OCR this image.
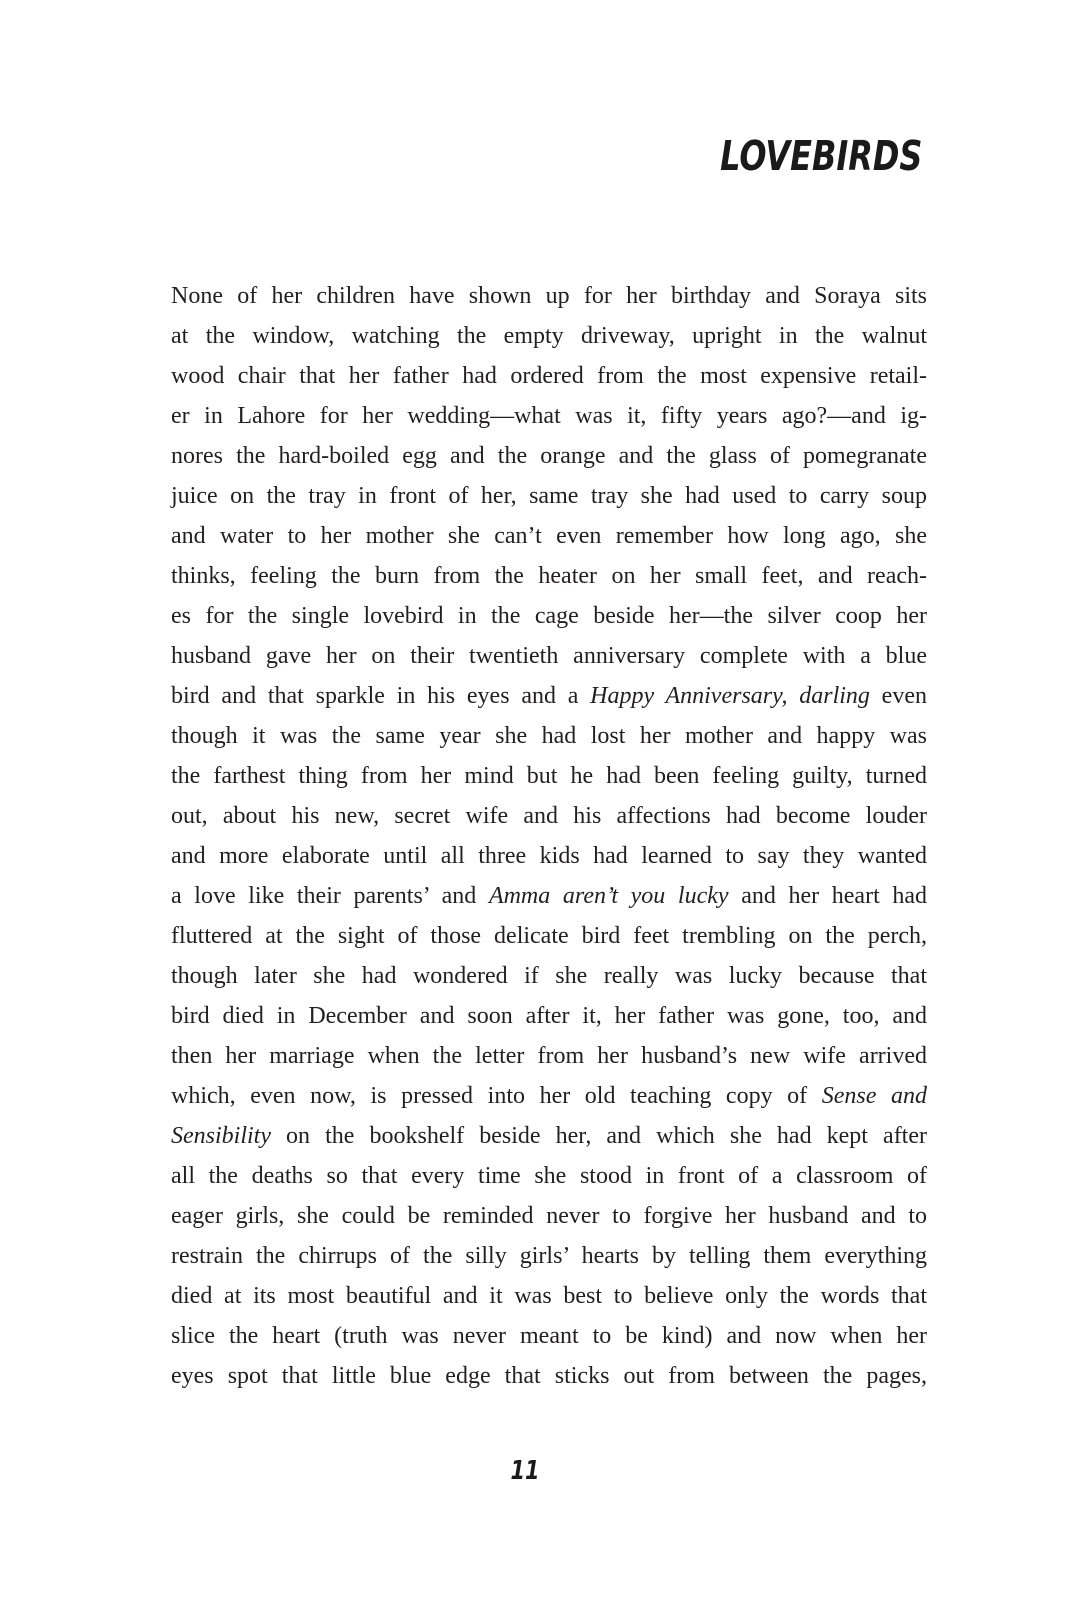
LOVEBIRDS
None of her children have shown up for her birthday and Soraya sits
at the window, watching the empty driveway, upright in the walnut
wood chair that her father had ordered from the most expensive retail-
er in Lahore for her wedding—what was it, fifty years ago?—and ig-
nores the hard-boiled egg and the orange and the glass of pomegranate
juice on the tray in front of her, same tray she had used to carry soup
and water to her mother she can’t even remember how long ago, she
thinks, feeling the burn from the heater on her small feet, and reach-
es for the single lovebird in the cage beside her—the silver coop her
husband gave her on their twentieth anniversary complete with a blue
bird and that sparkle in his eyes and a Happy Anniversary, darling even
though it was the same year she had lost her mother and happy was
the farthest thing from her mind but he had been feeling guilty, turned
out, about his new, secret wife and his affections had become louder
and more elaborate until all three kids had learned to say they wanted
a love like their parents’ and Amma aren’t you lucky and her heart had
fluttered at the sight of those delicate bird feet trembling on the perch,
though later she had wondered if she really was lucky because that
bird died in December and soon after it, her father was gone, too, and
then her marriage when the letter from her husband’s new wife arrived
which, even now, is pressed into her old teaching copy of Sense and
Sensibility on the bookshelf beside her, and which she had kept after
all the deaths so that every time she stood in front of a classroom of
eager girls, she could be reminded never to forgive her husband and to
restrain the chirrups of the silly girls’ hearts by telling them everything
died at its most beautiful and it was best to believe only the words that
slice the heart (truth was never meant to be kind) and now when her
eyes spot that little blue edge that sticks out from between the pages,
11
